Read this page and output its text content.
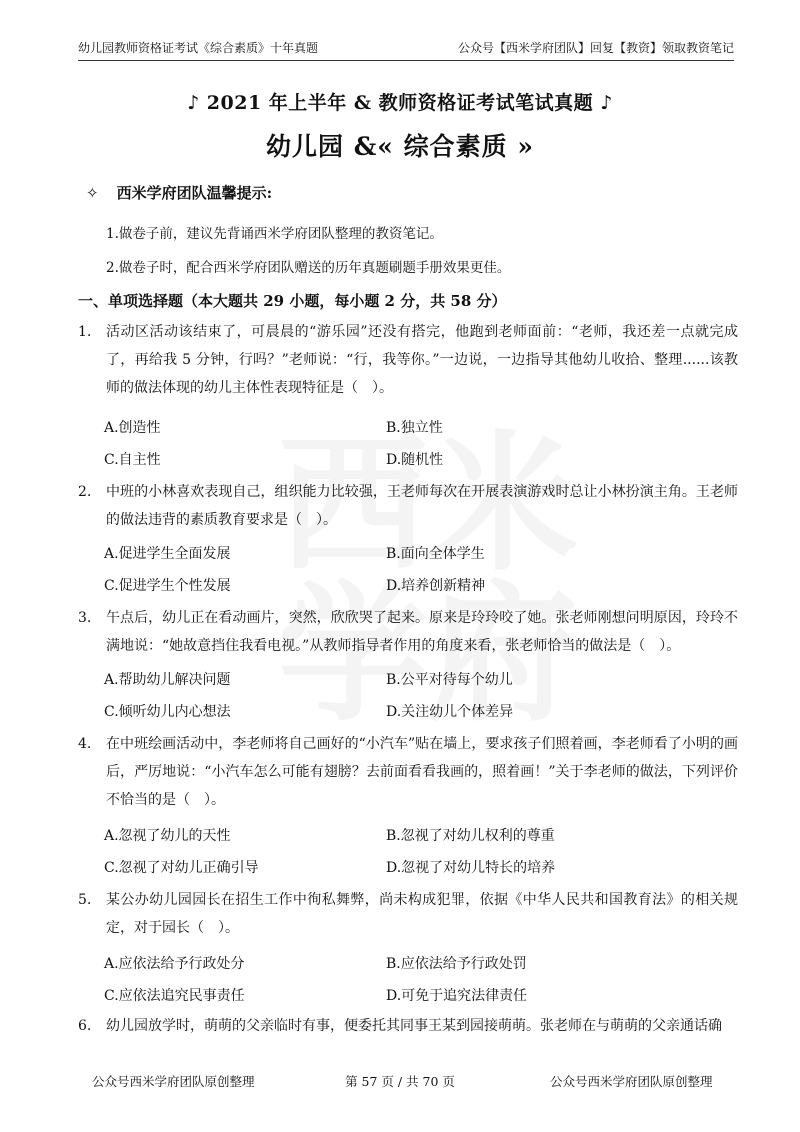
幼儿园教师资格证考试《综合素质》十年真题	公众号【西米学府团队】回复【教资】领取教资笔记
♪ 2021 年上半年 & 教师资格证考试笔试真题 ♪
幼儿园 &« 综合素质 »
✧ 西米学府团队温馨提示:
1.做卷子前，建议先背诵西米学府团队整理的教资笔记。
2.做卷子时，配合西米学府团队赠送的历年真题刷题手册效果更佳。
一、单项选择题（本大题共 29 小题，每小题 2 分，共 58 分）
1.	活动区活动该结束了，可晨晨的“游乐园”还没有搭完，他跑到老师面前：“老师，我还差一点就完成了，再给我 5 分钟，行吗？”老师说：“行，我等你。”一边说，一边指导其他幼儿收拾、整理......该教师的做法体现的幼儿主体性表现特征是（　）。
A.创造性	B.独立性
C.自主性	D.随机性
2.	中班的小林喜欢表现自己，组织能力比较强，王老师每次在开展表演游戏时总让小林扮演主角。王老师的做法违背的素质教育要求是（　）。
A.促进学生全面发展	B.面向全体学生
C.促进学生个性发展	D.培养创新精神
3.	午点后，幼儿正在看动画片，突然，欣欣哭了起来。原来是玲玲咬了她。张老师刚想问明原因，玲玲不满地说：“她故意挡住我看电视。”从教师指导者作用的角度来看，张老师恰当的做法是（　）。
A.帮助幼儿解决问题	B.公平对待每个幼儿
C.倾听幼儿内心想法	D.关注幼儿个体差异
4.	在中班绘画活动中，李老师将自己画好的“小汽车”贴在墙上，要求孩子们照着画，李老师看了小明的画后，严厉地说：“小汽车怎么可能有翅膀？去前面看看我画的，照着画！”关于李老师的做法，下列评价不恰当的是（　）。
A.忽视了幼儿的天性	B.忽视了对幼儿权利的尊重
C.忽视了对幼儿正确引导	D.忽视了对幼儿特长的培养
5.	某公办幼儿园园长在招生工作中徇私舞弊，尚未构成犯罪，依据《中华人民共和国教育法》的相关规定，对于园长（　）。
A.应依法给予行政处分	B.应依法给予行政处罚
C.应依法追究民事责任	D.可免于追究法律责任
6.	幼儿园放学时，萌萌的父亲临时有事，便委托其同事王某到园接萌萌。张老师在与萌萌的父亲通话确
公众号西米学府团队原创整理	第 57 页 / 共 70 页	公众号西米学府团队原创整理
